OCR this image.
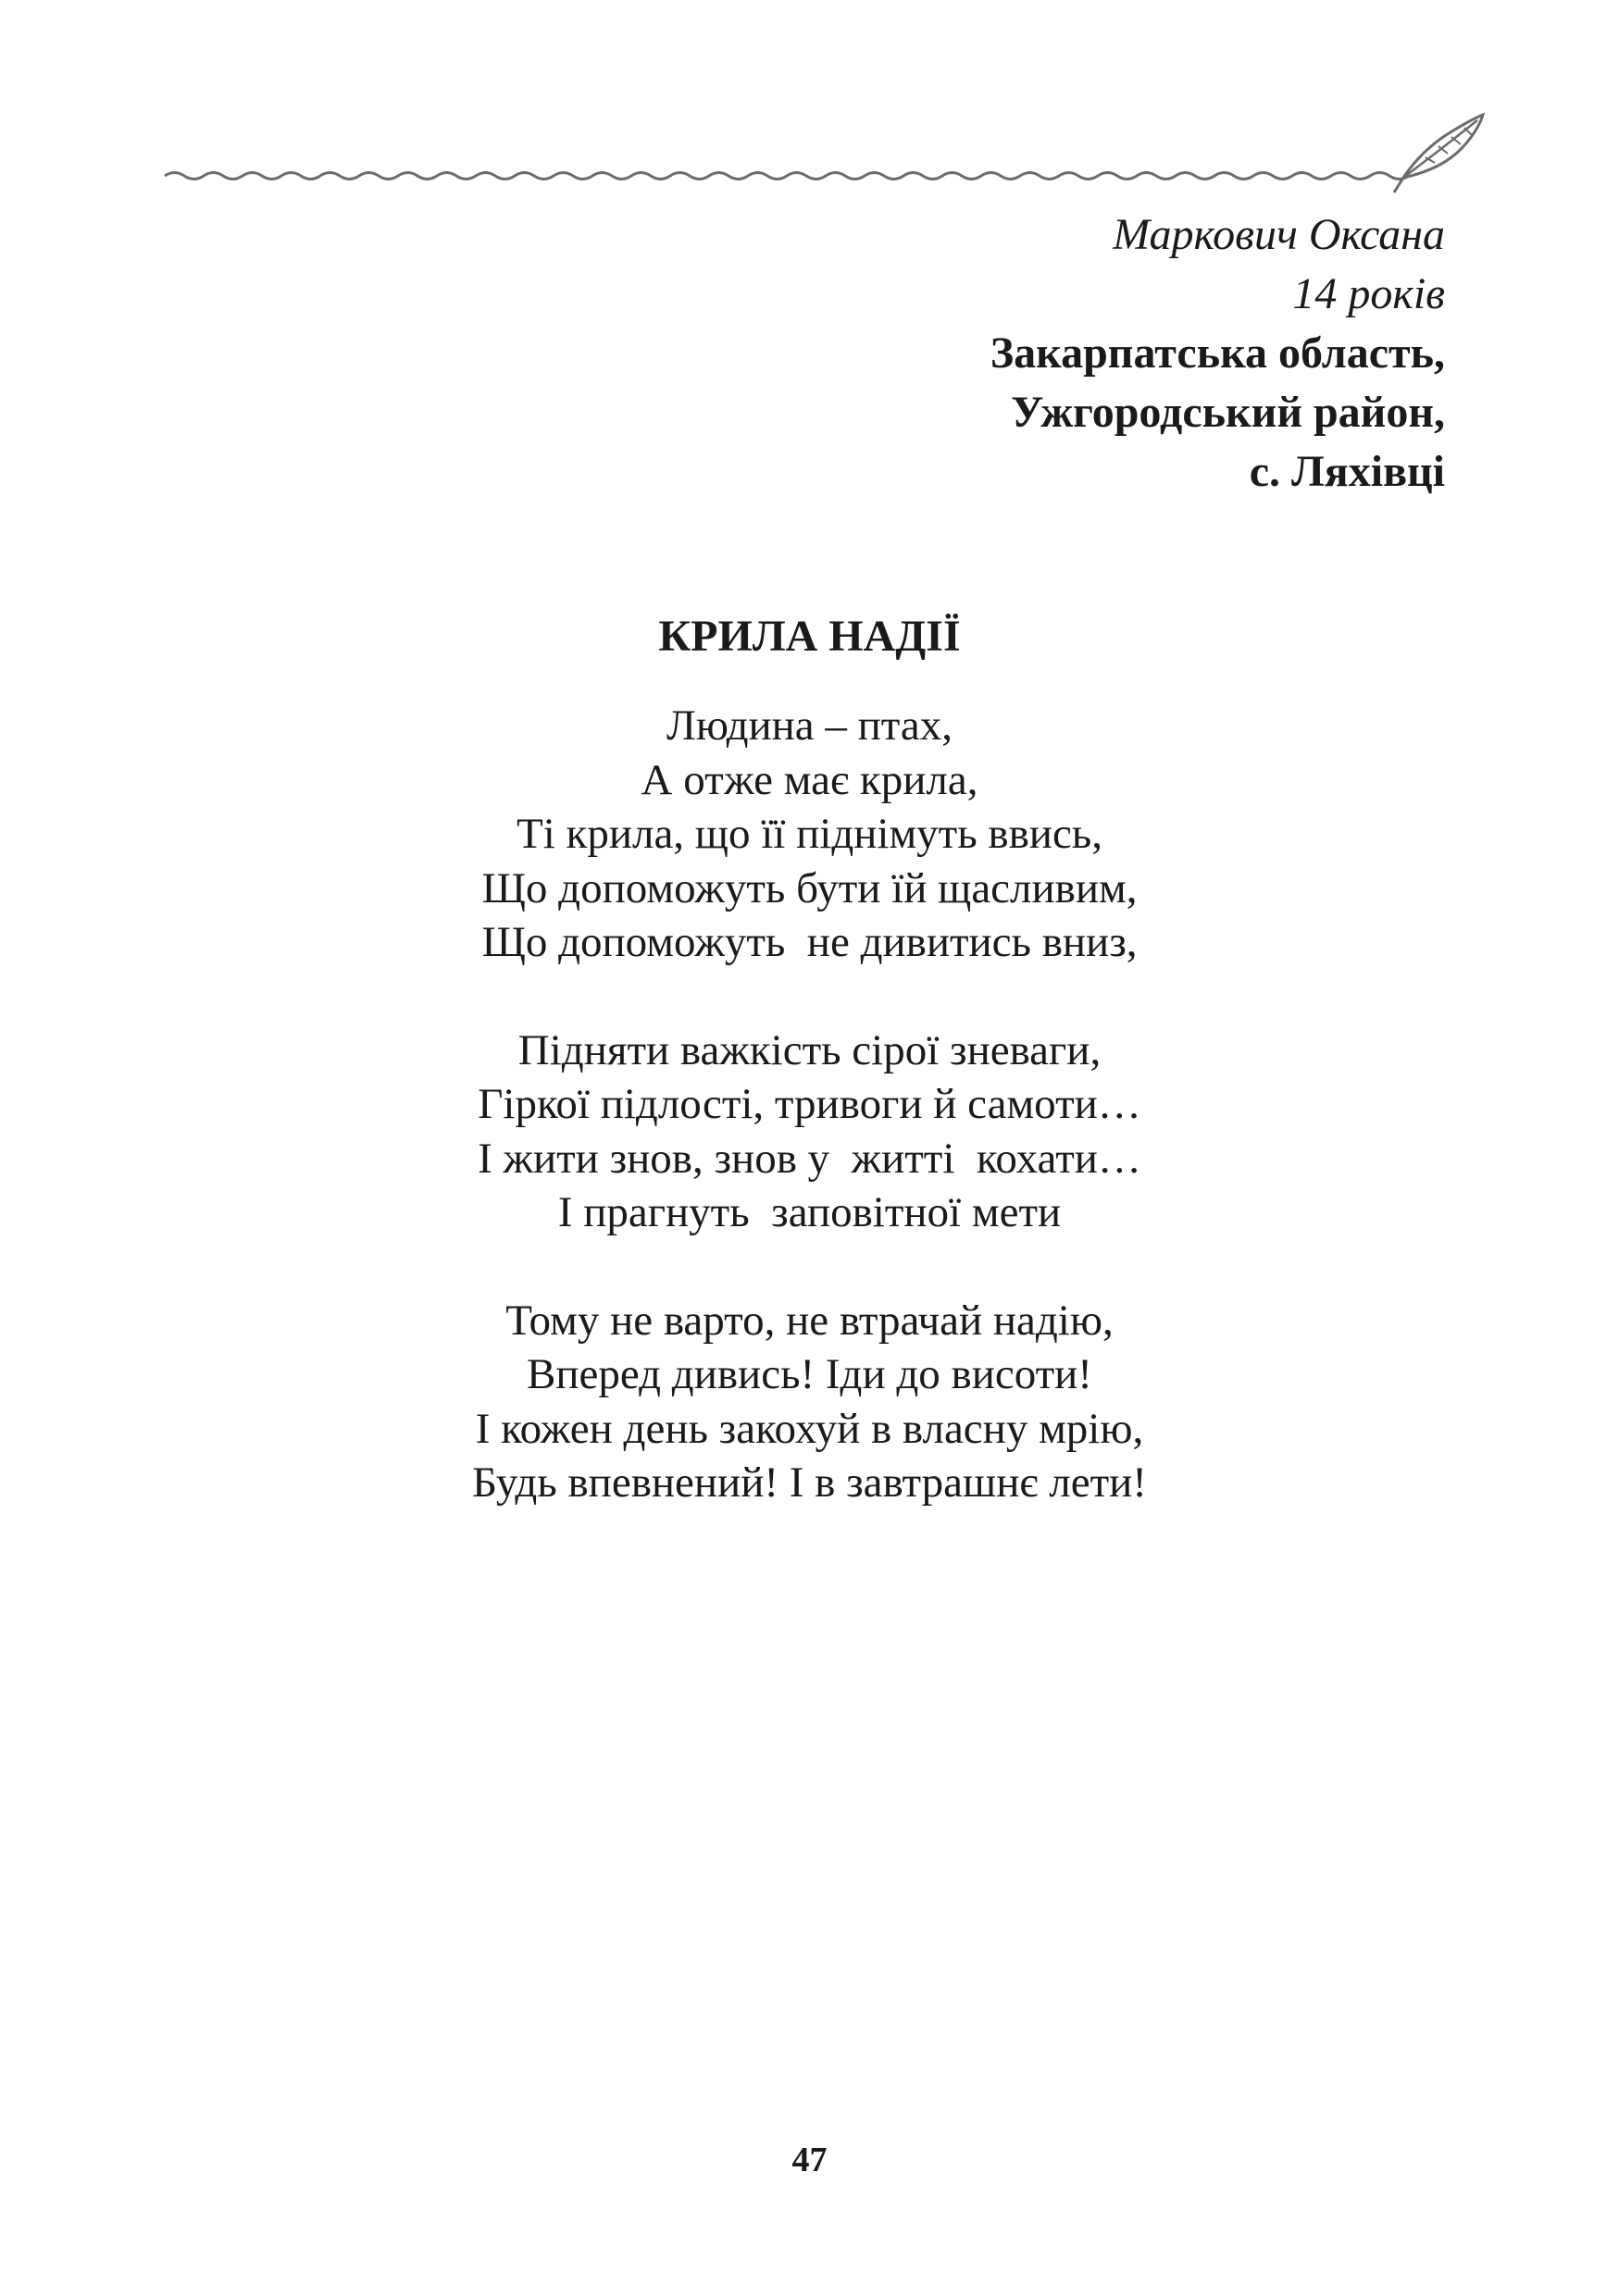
Маркович Оксана
14 років
Закарпатська область,
Ужгородський район,
с. Ляхівці
КРИЛА НАДІЇ
Людина – птах,
А отже має крила,
Ті крила, що її піднімуть ввись,
Що допоможуть бути їй щасливим,
Що допоможуть  не дивитись вниз,
Підняти важкість сірої зневаги,
Гіркої підлості, тривоги й самоти…
І жити знов, знов у  житті  кохати…
І прагнуть  заповітної мети
Тому не варто, не втрачай надію,
Вперед дивись! Іди до висоти!
І кожен день закохуй в власну мрію,
Будь впевнений! І в завтрашнє лети!
47
